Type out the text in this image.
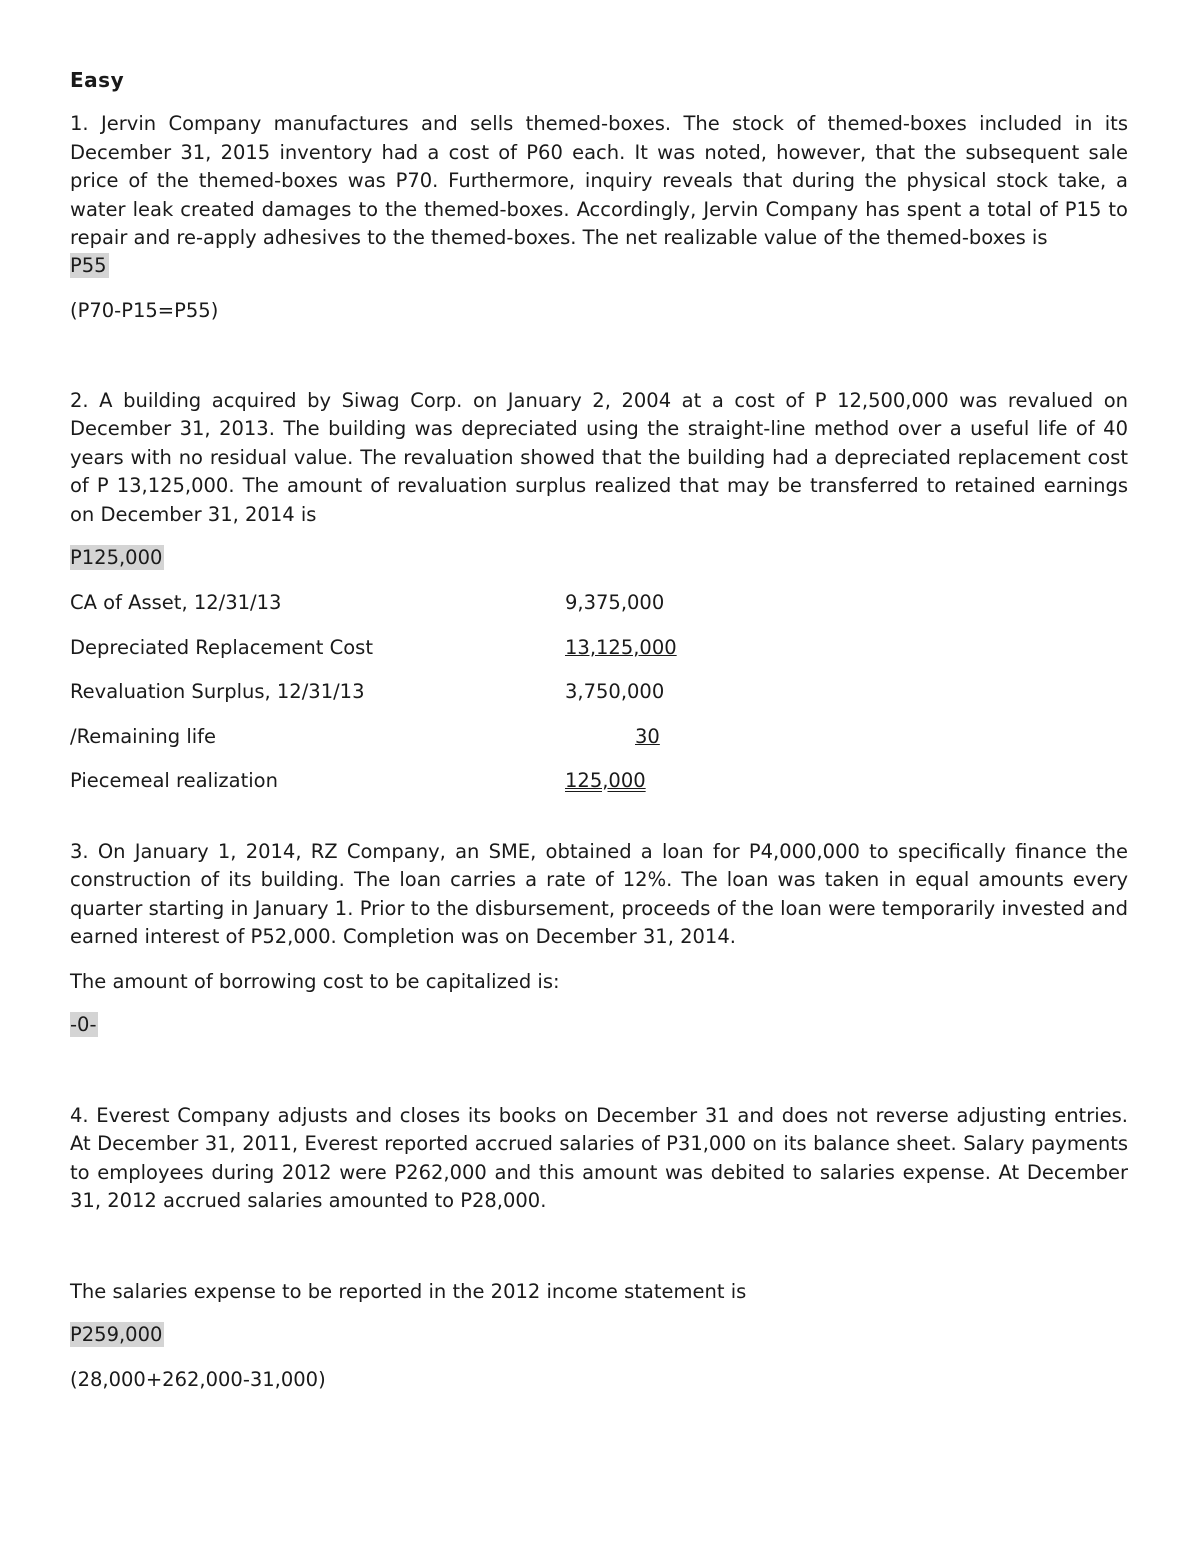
Easy

1. Jervin Company manufactures and sells themed-boxes. The stock of themed-boxes included in its December 31, 2015 inventory had a cost of P60 each. It was noted, however, that the subsequent sale price of the themed-boxes was P70. Furthermore, inquiry reveals that during the physical stock take, a water leak created damages to the themed-boxes. Accordingly, Jervin Company has spent a total of P15 to repair and re-apply adhesives to the themed-boxes. The net realizable value of the themed-boxes is

P55

(P70-P15=P55)

2. A building acquired by Siwag Corp. on January 2, 2004 at a cost of P 12,500,000 was revalued on December 31, 2013. The building was depreciated using the straight-line method over a useful life of 40 years with no residual value. The revaluation showed that the building had a depreciated replacement cost of P 13,125,000. The amount of revaluation surplus realized that may be transferred to retained earnings on December 31, 2014 is

P125,000
CA of Asset, 12/31/13	9,375,000
Depreciated Replacement Cost	13,125,000
Revaluation Surplus, 12/31/13	3,750,000
/Remaining life	30
Piecemeal realization	125,000

3. On January 1, 2014, RZ Company, an SME, obtained a loan for P4,000,000 to specifically finance the construction of its building. The loan carries a rate of 12%. The loan was taken in equal amounts every quarter starting in January 1. Prior to the disbursement, proceeds of the loan were temporarily invested and earned interest of P52,000. Completion was on December 31, 2014.

The amount of borrowing cost to be capitalized is:

-0-

4. Everest Company adjusts and closes its books on December 31 and does not reverse adjusting entries. At December 31, 2011, Everest reported accrued salaries of P31,000 on its balance sheet. Salary payments to employees during 2012 were P262,000 and this amount was debited to salaries expense. At December 31, 2012 accrued salaries amounted to P28,000.

The salaries expense to be reported in the 2012 income statement is

P259,000

(28,000+262,000-31,000)
